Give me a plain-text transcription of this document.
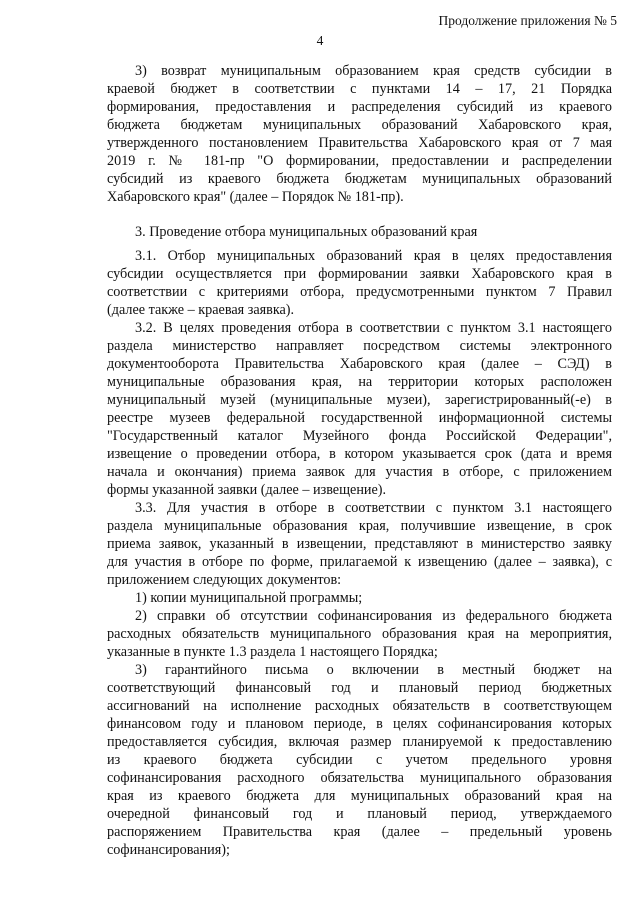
Продолжение приложения № 5
4
3) возврат муниципальным образованием края средств субсидии в
краевой бюджет в соответствии с пунктами 14 – 17, 21 Порядка
формирования, предоставления и распределения субсидий из краевого
бюджета бюджетам муниципальных образований Хабаровского края,
утвержденного постановлением Правительства Хабаровского края от 7 мая
2019 г. № 181-пр "О формировании, предоставлении и распределении
субсидий из краевого бюджета бюджетам муниципальных образований
Хабаровского края" (далее – Порядок № 181-пр).
3. Проведение отбора муниципальных образований края
3.1. Отбор муниципальных образований края в целях предоставления
субсидии осуществляется при формировании заявки Хабаровского края в
соответствии с критериями отбора, предусмотренными пунктом 7 Правил
(далее также – краевая заявка).
3.2. В целях проведения отбора в соответствии с пунктом 3.1 настоящего
раздела министерство направляет посредством системы электронного
документооборота Правительства Хабаровского края (далее – СЭД) в
муниципальные образования края, на территории которых расположен
муниципальный музей (муниципальные музеи), зарегистрированный(-е) в
реестре музеев федеральной государственной информационной системы
"Государственный каталог Музейного фонда Российской Федерации",
извещение о проведении отбора, в котором указывается срок (дата и время
начала и окончания) приема заявок для участия в отборе, с приложением
формы указанной заявки (далее – извещение).
3.3. Для участия в отборе в соответствии с пунктом 3.1 настоящего
раздела муниципальные образования края, получившие извещение, в срок
приема заявок, указанный в извещении, представляют в министерство заявку
для участия в отборе по форме, прилагаемой к извещению (далее – заявка), с
приложением следующих документов:
1) копии муниципальной программы;
2) справки об отсутствии софинансирования из федерального бюджета
расходных обязательств муниципального образования края на мероприятия,
указанные в пункте 1.3 раздела 1 настоящего Порядка;
3) гарантийного письма о включении в местный бюджет на
соответствующий финансовый год и плановый период бюджетных
ассигнований на исполнение расходных обязательств в соответствующем
финансовом году и плановом периоде, в целях софинансирования которых
предоставляется субсидия, включая размер планируемой к предоставлению
из краевого бюджета субсидии с учетом предельного уровня
софинансирования расходного обязательства муниципального образования
края из краевого бюджета для муниципальных образований края на
очередной финансовый год и плановый период, утверждаемого
распоряжением Правительства края (далее – предельный уровень
софинансирования);
